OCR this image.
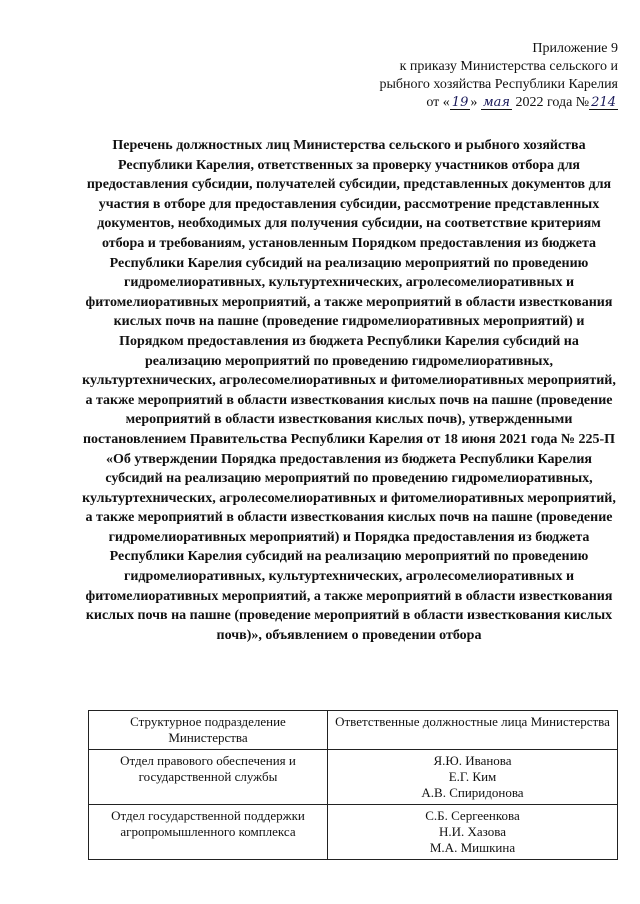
Приложение 9
к приказу Министерства сельского и
рыбного хозяйства Республики Карелия
от « 19 » мая 2022 года № 214
Перечень должностных лиц Министерства сельского и рыбного хозяйства Республики Карелия, ответственных за проверку участников отбора для предоставления субсидии, получателей субсидии, представленных документов для участия в отборе для предоставления субсидии, рассмотрение представленных документов, необходимых для получения субсидии, на соответствие критериям отбора и требованиям, установленным Порядком предоставления из бюджета Республики Карелия субсидий на реализацию мероприятий по проведению гидромелиоративных, культуртехнических, агролесомелиоративных и фитомелиоративных мероприятий, а также мероприятий в области известкования кислых почв на пашне (проведение гидромелиоративных мероприятий) и Порядком предоставления из бюджета Республики Карелия субсидий на реализацию мероприятий по проведению гидромелиоративных, культуртехнических, агролесомелиоративных и фитомелиоративных мероприятий, а также мероприятий в области известкования кислых почв на пашне (проведение мероприятий в области известкования кислых почв), утвержденными постановлением Правительства Республики Карелия от 18 июня 2021 года № 225-П «Об утверждении Порядка предоставления из бюджета Республики Карелия субсидий на реализацию мероприятий по проведению гидромелиоративных, культуртехнических, агролесомелиоративных и фитомелиоративных мероприятий, а также мероприятий в области известкования кислых почв на пашне (проведение гидромелиоративных мероприятий) и Порядка предоставления из бюджета Республики Карелия субсидий на реализацию мероприятий по проведению гидромелиоративных, культуртехнических, агролесомелиоративных и фитомелиоративных мероприятий, а также мероприятий в области известкования кислых почв на пашне (проведение мероприятий в области известкования кислых почв)», объявлением о проведении отбора
Структурное подразделение Министерства	Ответственные должностные лица Министерства
Отдел правового обеспечения и государственной службы	Я.Ю. Иванова
Е.Г. Ким
А.В. Спиридонова

Отдел государственной поддержки агропромышленного комплекса	С.Б. Сергеенкова
Н.И. Хазова
М.А. Мишкина
